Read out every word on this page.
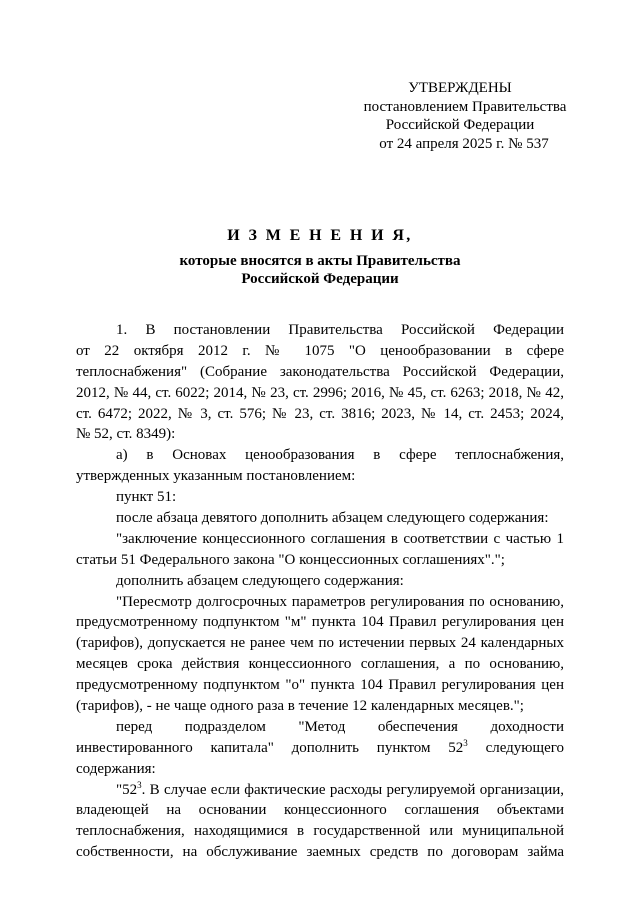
УТВЕРЖДЕНЫ
постановлением Правительства
Российской Федерации
от 24 апреля 2025 г. № 537
И З М Е Н Е Н И Я,
которые вносятся в акты Правительства
Российской Федерации
1. В постановлении Правительства Российской Федерации
от 22 октября 2012 г. № 1075 "О ценообразовании в сфере
теплоснабжения" (Собрание законодательства Российской Федерации,
2012, № 44, ст. 6022; 2014, № 23, ст. 2996; 2016, № 45, ст. 6263; 2018, № 42,
ст. 6472; 2022, № 3, ст. 576; № 23, ст. 3816; 2023, № 14, ст. 2453; 2024,
№ 52, ст. 8349):
а) в Основах ценообразования в сфере теплоснабжения,
утвержденных указанным постановлением:
пункт 51:
после абзаца девятого дополнить абзацем следующего содержания:
"заключение концессионного соглашения в соответствии с частью 1
статьи 51 Федерального закона "О концессионных соглашениях".";
дополнить абзацем следующего содержания:
"Пересмотр долгосрочных параметров регулирования по основанию,
предусмотренному подпунктом "м" пункта 104 Правил регулирования цен
(тарифов), допускается не ранее чем по истечении первых 24 календарных
месяцев срока действия концессионного соглашения, а по основанию,
предусмотренному подпунктом "о" пункта 104 Правил регулирования цен
(тарифов), - не чаще одного раза в течение 12 календарных месяцев.";
перед подразделом "Метод обеспечения доходности
инвестированного капитала" дополнить пунктом $52^3$ следующего
содержания:
"$52^3$. В случае если фактические расходы регулируемой организации,
владеющей на основании концессионного соглашения объектами
теплоснабжения, находящимися в государственной или муниципальной
собственности, на обслуживание заемных средств по договорам займа
